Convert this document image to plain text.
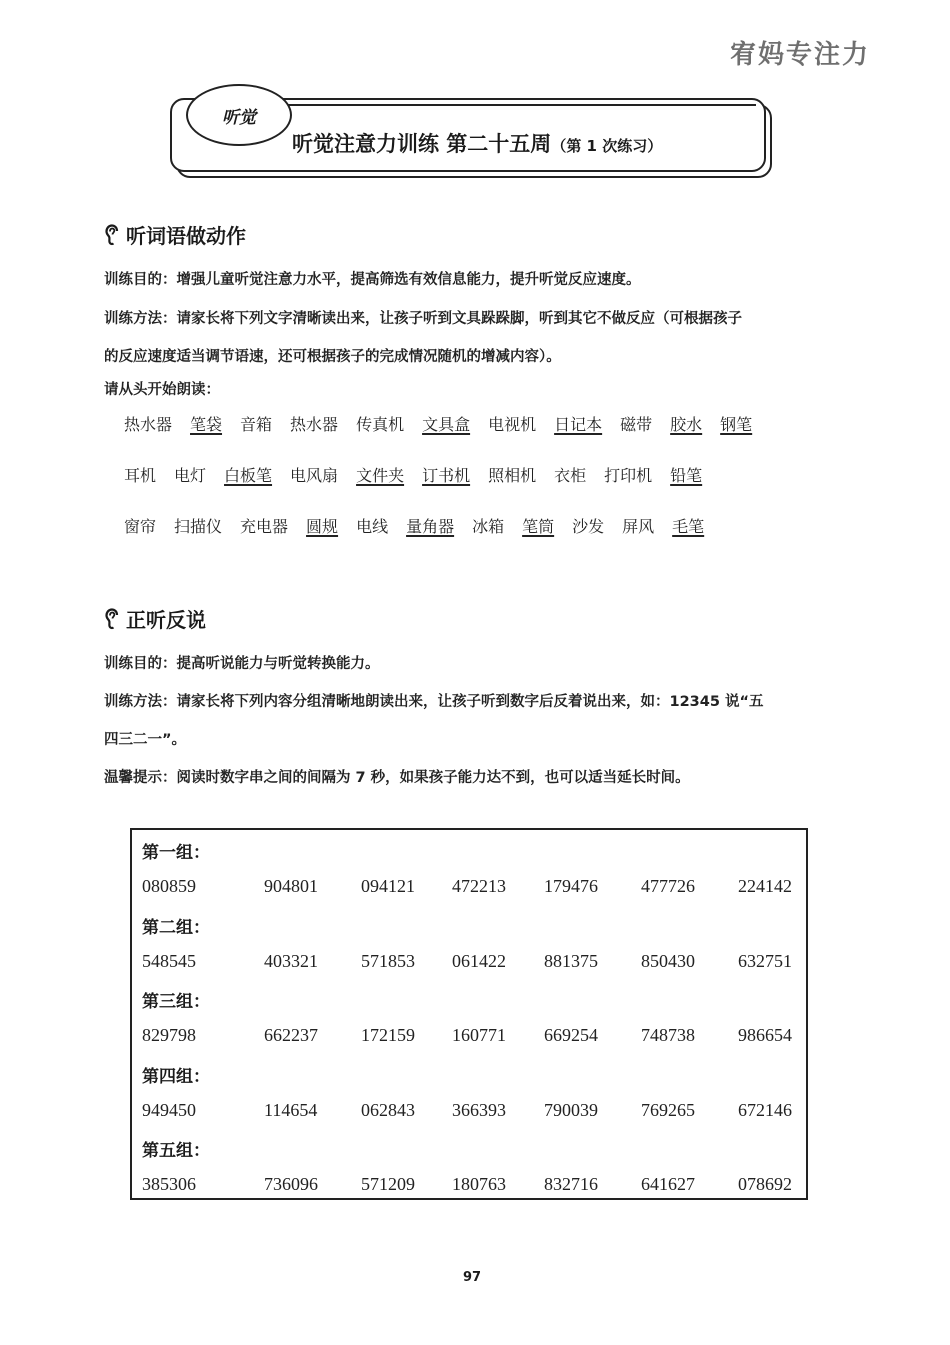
宥妈专注力
听觉
听觉注意力训练 第二十五周（第 1 次练习）
听词语做动作
训练目的：增强儿童听觉注意力水平，提高筛选有效信息能力，提升听觉反应速度。
训练方法：请家长将下列文字清晰读出来，让孩子听到文具跺跺脚，听到其它不做反应（可根据孩子
的反应速度适当调节语速，还可根据孩子的完成情况随机的增减内容）。
请从头开始朗读：
热水器 笔袋 音箱 热水器 传真机 文具盒 电视机 日记本 磁带 胶水 钢笔
耳机 电灯 白板笔 电风扇 文件夹 订书机 照相机 衣柜 打印机 铅笔
窗帘 扫描仪 充电器 圆规 电线 量角器 冰箱 笔筒 沙发 屏风 毛笔
正听反说
训练目的：提高听说能力与听觉转换能力。
训练方法：请家长将下列内容分组清晰地朗读出来，让孩子听到数字后反着说出来，如：12345 说“五
四三二一”。
温馨提示：阅读时数字串之间的间隔为 7 秒，如果孩子能力达不到，也可以适当延长时间。
第一组：
080859	904801 094121 472213 179476 477726 224142
第二组：
548545	403321 571853 061422 881375 850430 632751
第三组：
829798	662237 172159 160771 669254 748738 986654
第四组：
949450	114654 062843 366393 790039 769265 672146
第五组：
385306	736096 571209 180763 832716 641627 078692
97
